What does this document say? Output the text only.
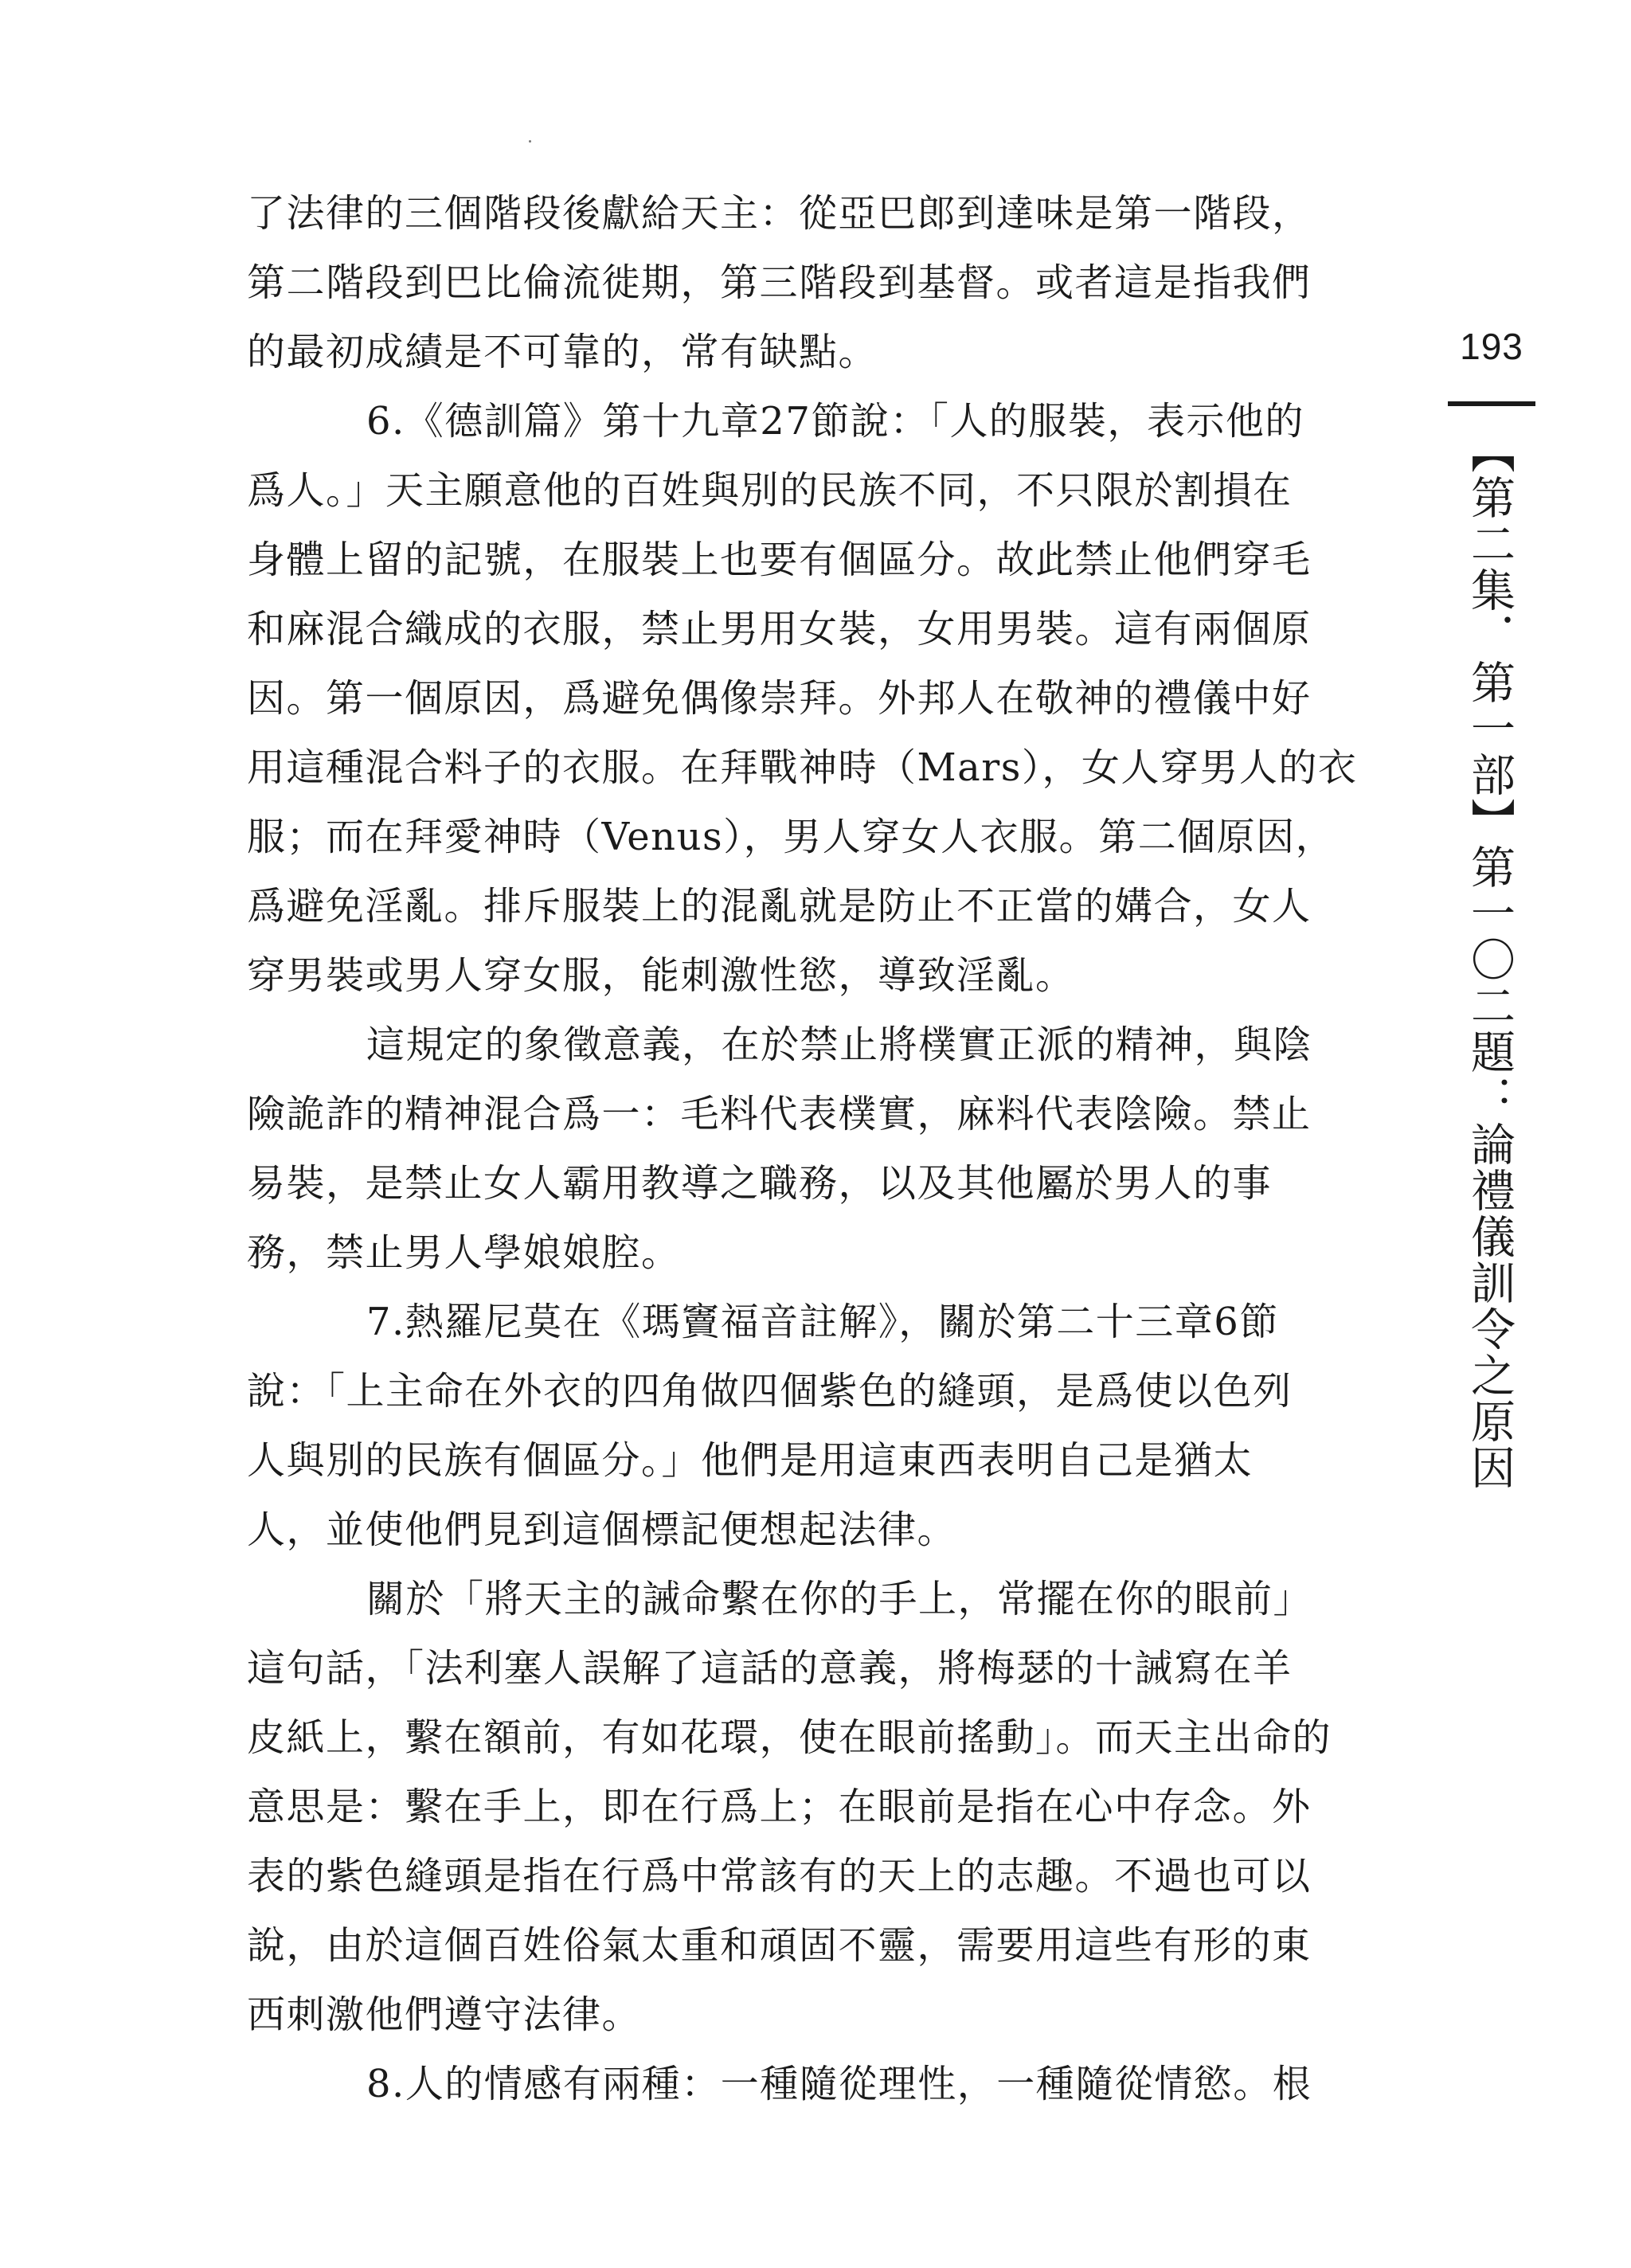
了法律的三個階段後獻給天主：從亞巴郎到達味是第一階段，
第二階段到巴比倫流徙期，第三階段到基督。或者這是指我們
的最初成績是不可靠的，常有缺點。
6.《德訓篇》第十九章27節說：「人的服裝，表示他的
爲人。」天主願意他的百姓與別的民族不同，不只限於割損在
身體上留的記號，在服裝上也要有個區分。故此禁止他們穿毛
和麻混合織成的衣服，禁止男用女裝，女用男裝。這有兩個原
因。第一個原因，爲避免偶像崇拜。外邦人在敬神的禮儀中好
用這種混合料子的衣服。在拜戰神時（Mars），女人穿男人的衣
服；而在拜愛神時（Venus），男人穿女人衣服。第二個原因，
爲避免淫亂。排斥服裝上的混亂就是防止不正當的媾合，女人
穿男裝或男人穿女服，能刺激性慾，導致淫亂。
這規定的象徵意義，在於禁止將樸實正派的精神，與陰
險詭詐的精神混合爲一：毛料代表樸實，麻料代表陰險。禁止
易裝，是禁止女人霸用教導之職務，以及其他屬於男人的事
務，禁止男人學娘娘腔。
7.熱羅尼莫在《瑪竇福音註解》，關於第二十三章6節
說：「上主命在外衣的四角做四個紫色的縫頭，是爲使以色列
人與別的民族有個區分。」他們是用這東西表明自己是猶太
人，並使他們見到這個標記便想起法律。
關於「將天主的誡命繫在你的手上，常擺在你的眼前」
這句話，「法利塞人誤解了這話的意義，將梅瑟的十誡寫在羊
皮紙上，繫在額前，有如花環，使在眼前搖動」。而天主出命的
意思是：繫在手上，即在行爲上；在眼前是指在心中存念。外
表的紫色縫頭是指在行爲中常該有的天上的志趣。不過也可以
說，由於這個百姓俗氣太重和頑固不靈，需要用這些有形的東
西刺激他們遵守法律。
8.人的情感有兩種：一種隨從理性，一種隨從情慾。根
193
【第二集．第一部】第一〇二題：論禮儀訓令之原因
